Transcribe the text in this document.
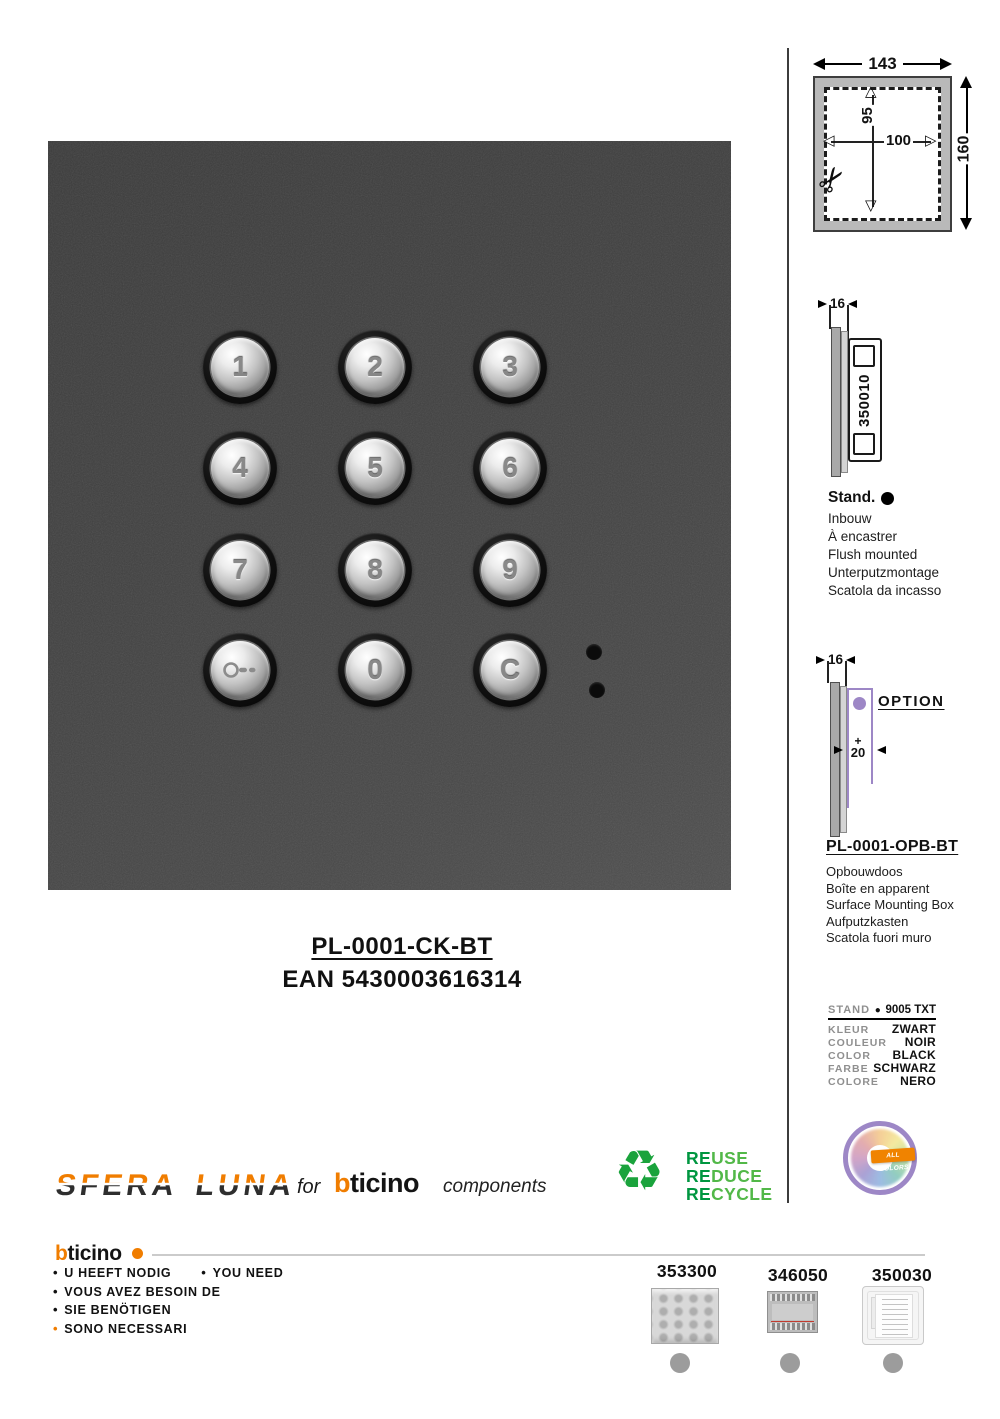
1	2	3
4	5	6
7	8	9
0	C
PL-0001-CK-BT
EAN 5430003616314
143
△
▽
95
◁	▷
100
✂
160
16
350010
Stand.
Inbouw
À encastrer
Flush mounted
Unterputzmontage
Scatola da incasso
16
OPTION
+
20
PL-0001-OPB-BT
Opbouwdoos
Boîte en apparent
Surface Mounting Box
Aufputzkasten
Scatola fuori muro
STAND ● 9005 TXT
KLEUR ZWART
COULEUR NOIR
COLOR BLACK
FARBE SCHWARZ
COLORE NERO
SFERA LUNA for bticino components ♻ REUSE
REDUCE
RECYCLE
ALL COLORS
bticino
• U HEEFT NODIG • YOU NEED
• VOUS AVEZ BESOIN DE
• SIE BENÖTIGEN
• SONO NECESSARI
353300	346050	350030
